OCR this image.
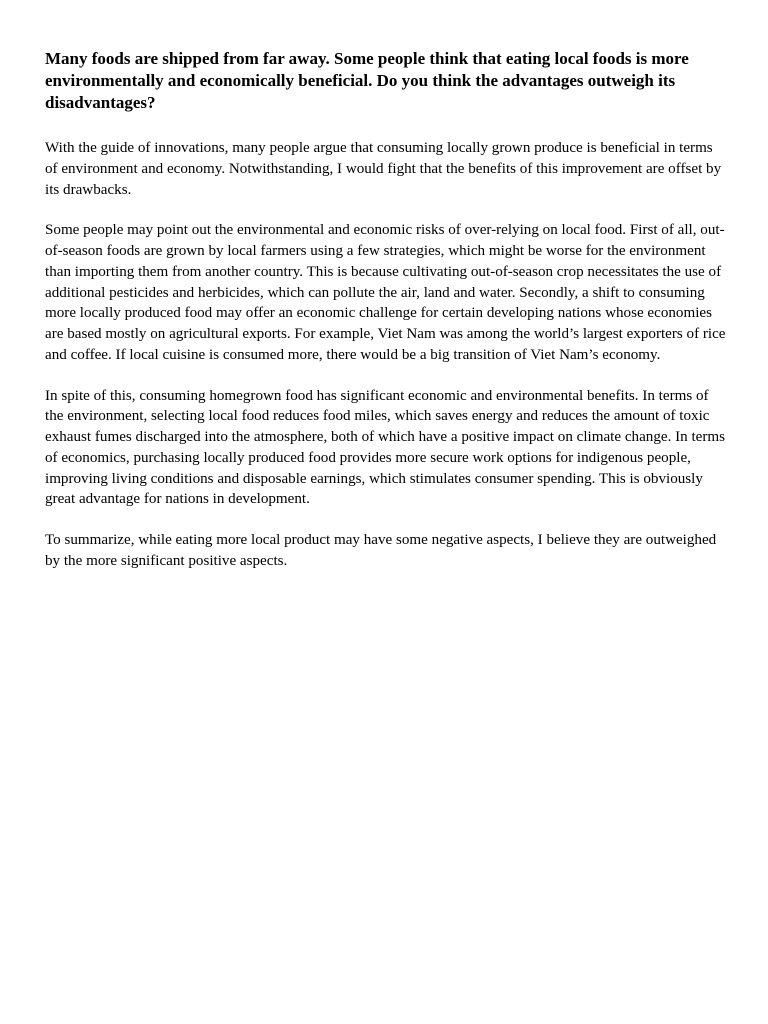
Many foods are shipped from far away. Some people think that eating local foods is more environmentally and economically beneficial. Do you think the advantages outweigh its disadvantages?

With the guide of innovations, many people argue that consuming locally grown produce is beneficial in terms of environment and economy. Notwithstanding, I would fight that the benefits of this improvement are offset by its drawbacks.

Some people may point out the environmental and economic risks of over-relying on local food. First of all, out-of-season foods are grown by local farmers using a few strategies, which might be worse for the environment than importing them from another country. This is because cultivating out-of-season crop necessitates the use of additional pesticides and herbicides, which can pollute the air, land and water. Secondly, a shift to consuming more locally produced food may offer an economic challenge for certain developing nations whose economies are based mostly on agricultural exports. For example, Viet Nam was among the world’s largest exporters of rice and coffee. If local cuisine is consumed more, there would be a big transition of Viet Nam’s economy.

In spite of this, consuming homegrown food has significant economic and environmental benefits. In terms of the environment, selecting local food reduces food miles, which saves energy and reduces the amount of toxic exhaust fumes discharged into the atmosphere, both of which have a positive impact on climate change. In terms of economics, purchasing locally produced food provides more secure work options for indigenous people, improving living conditions and disposable earnings, which stimulates consumer spending. This is obviously great advantage for nations in development.

To summarize, while eating more local product may have some negative aspects, I believe they are outweighed by the more significant positive aspects.
